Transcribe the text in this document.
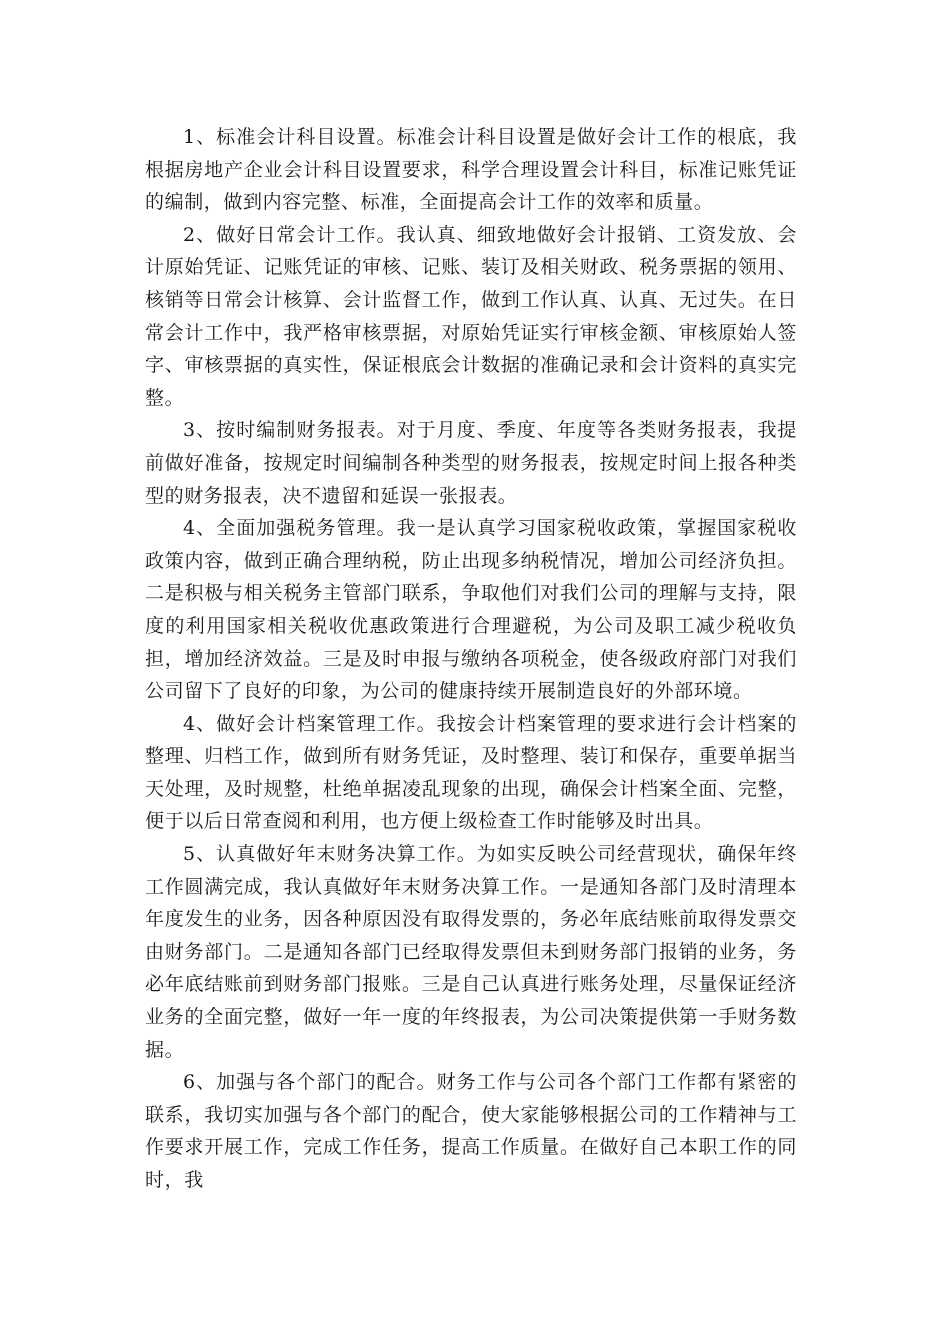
1、标准会计科目设置。标准会计科目设置是做好会计工作的根底，我根据房地产企业会计科目设置要求，科学合理设置会计科目，标准记账凭证的编制，做到内容完整、标准，全面提高会计工作的效率和质量。

2、做好日常会计工作。我认真、细致地做好会计报销、工资发放、会计原始凭证、记账凭证的审核、记账、装订及相关财政、税务票据的领用、核销等日常会计核算、会计监督工作，做到工作认真、认真、无过失。在日常会计工作中，我严格审核票据，对原始凭证实行审核金额、审核原始人签字、审核票据的真实性，保证根底会计数据的准确记录和会计资料的真实完整。

3、按时编制财务报表。对于月度、季度、年度等各类财务报表，我提前做好准备，按规定时间编制各种类型的财务报表，按规定时间上报各种类型的财务报表，决不遗留和延误一张报表。

4、全面加强税务管理。我一是认真学习国家税收政策，掌握国家税收政策内容，做到正确合理纳税，防止出现多纳税情况，增加公司经济负担。二是积极与相关税务主管部门联系，争取他们对我们公司的理解与支持，限度的利用国家相关税收优惠政策进行合理避税，为公司及职工减少税收负担，增加经济效益。三是及时申报与缴纳各项税金，使各级政府部门对我们公司留下了良好的印象，为公司的健康持续开展制造良好的外部环境。

4、做好会计档案管理工作。我按会计档案管理的要求进行会计档案的整理、归档工作，做到所有财务凭证，及时整理、装订和保存，重要单据当天处理，及时规整，杜绝单据凌乱现象的出现，确保会计档案全面、完整，便于以后日常查阅和利用，也方便上级检查工作时能够及时出具。

5、认真做好年末财务决算工作。为如实反映公司经营现状，确保年终工作圆满完成，我认真做好年末财务决算工作。一是通知各部门及时清理本年度发生的业务，因各种原因没有取得发票的，务必年底结账前取得发票交由财务部门。二是通知各部门已经取得发票但未到财务部门报销的业务，务必年底结账前到财务部门报账。三是自己认真进行账务处理，尽量保证经济业务的全面完整，做好一年一度的年终报表，为公司决策提供第一手财务数据。

6、加强与各个部门的配合。财务工作与公司各个部门工作都有紧密的联系，我切实加强与各个部门的配合，使大家能够根据公司的工作精神与工作要求开展工作，完成工作任务，提高工作质量。在做好自己本职工作的同时，我
